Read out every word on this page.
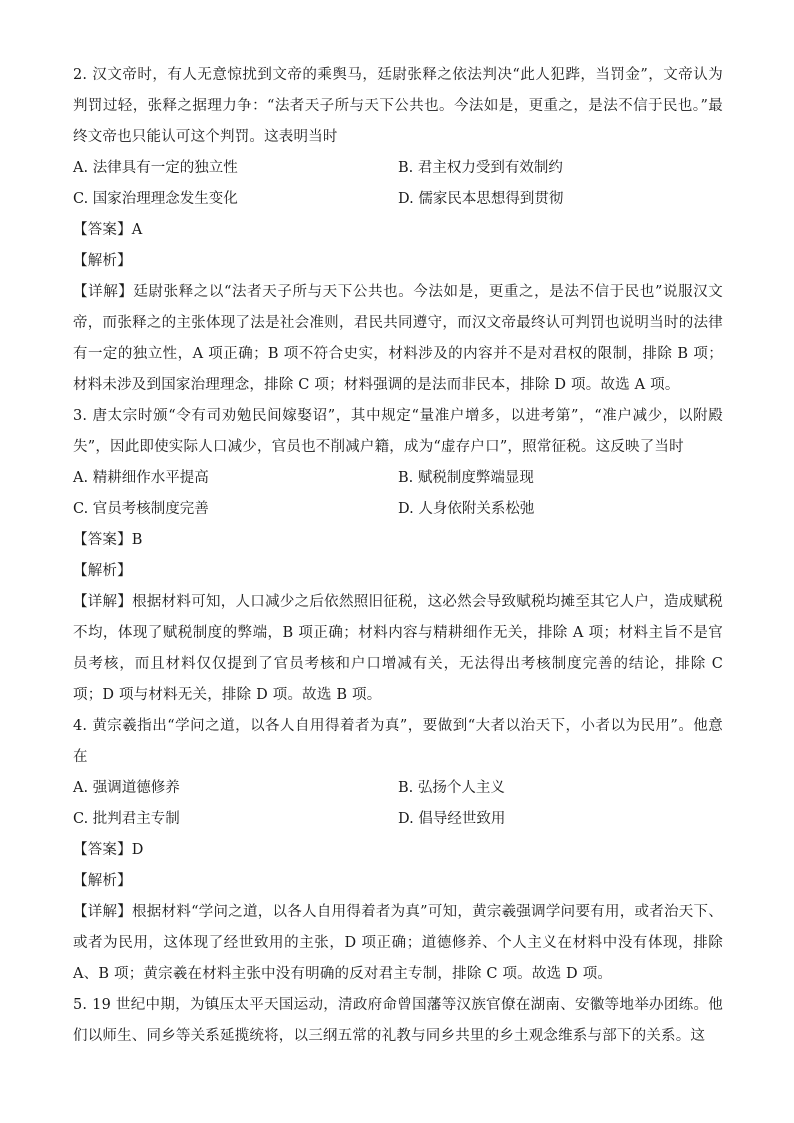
2. 汉文帝时，有人无意惊扰到文帝的乘舆马，廷尉张释之依法判决“此人犯跸，当罚金”，文帝认为判罚过轻，张释之据理力争：“法者天子所与天下公共也。今法如是，更重之，是法不信于民也。”最终文帝也只能认可这个判罚。这表明当时

A. 法律具有一定的独立性	B. 君主权力受到有效制约

C. 国家治理理念发生变化	D. 儒家民本思想得到贯彻

【答案】A

【解析】

【详解】廷尉张释之以“法者天子所与天下公共也。今法如是，更重之，是法不信于民也”说服汉文帝，而张释之的主张体现了法是社会准则，君民共同遵守，而汉文帝最终认可判罚也说明当时的法律有一定的独立性，A 项正确；B 项不符合史实，材料涉及的内容并不是对君权的限制，排除 B 项；材料未涉及到国家治理理念，排除 C 项；材料强调的是法而非民本，排除 D 项。故选 A 项。

3. 唐太宗时颁“令有司劝勉民间嫁娶诏”，其中规定“量准户增多，以进考第”，“准户减少，以附殿失”，因此即使实际人口减少，官员也不削减户籍，成为“虚存户口”，照常征税。这反映了当时

A. 精耕细作水平提高	B. 赋税制度弊端显现

C. 官员考核制度完善	D. 人身依附关系松弛

【答案】B

【解析】

【详解】根据材料可知，人口减少之后依然照旧征税，这必然会导致赋税均摊至其它人户，造成赋税不均，体现了赋税制度的弊端，B 项正确；材料内容与精耕细作无关，排除 A 项；材料主旨不是官员考核，而且材料仅仅提到了官员考核和户口增减有关，无法得出考核制度完善的结论，排除 C 项；D 项与材料无关，排除 D 项。故选 B 项。

4. 黄宗羲指出“学问之道，以各人自用得着者为真”，要做到“大者以治天下，小者以为民用”。他意在

A. 强调道德修养	B. 弘扬个人主义

C. 批判君主专制	D. 倡导经世致用

【答案】D

【解析】

【详解】根据材料“学问之道，以各人自用得着者为真”可知，黄宗羲强调学问要有用，或者治天下、或者为民用，这体现了经世致用的主张，D 项正确；道德修养、个人主义在材料中没有体现，排除 A、B 项；黄宗羲在材料主张中没有明确的反对君主专制，排除 C 项。故选 D 项。

5. 19 世纪中期，为镇压太平天国运动，清政府命曾国藩等汉族官僚在湖南、安徽等地举办团练。他们以师生、同乡等关系延揽统将，以三纲五常的礼教与同乡共里的乡土观念维系与部下的关系。这
